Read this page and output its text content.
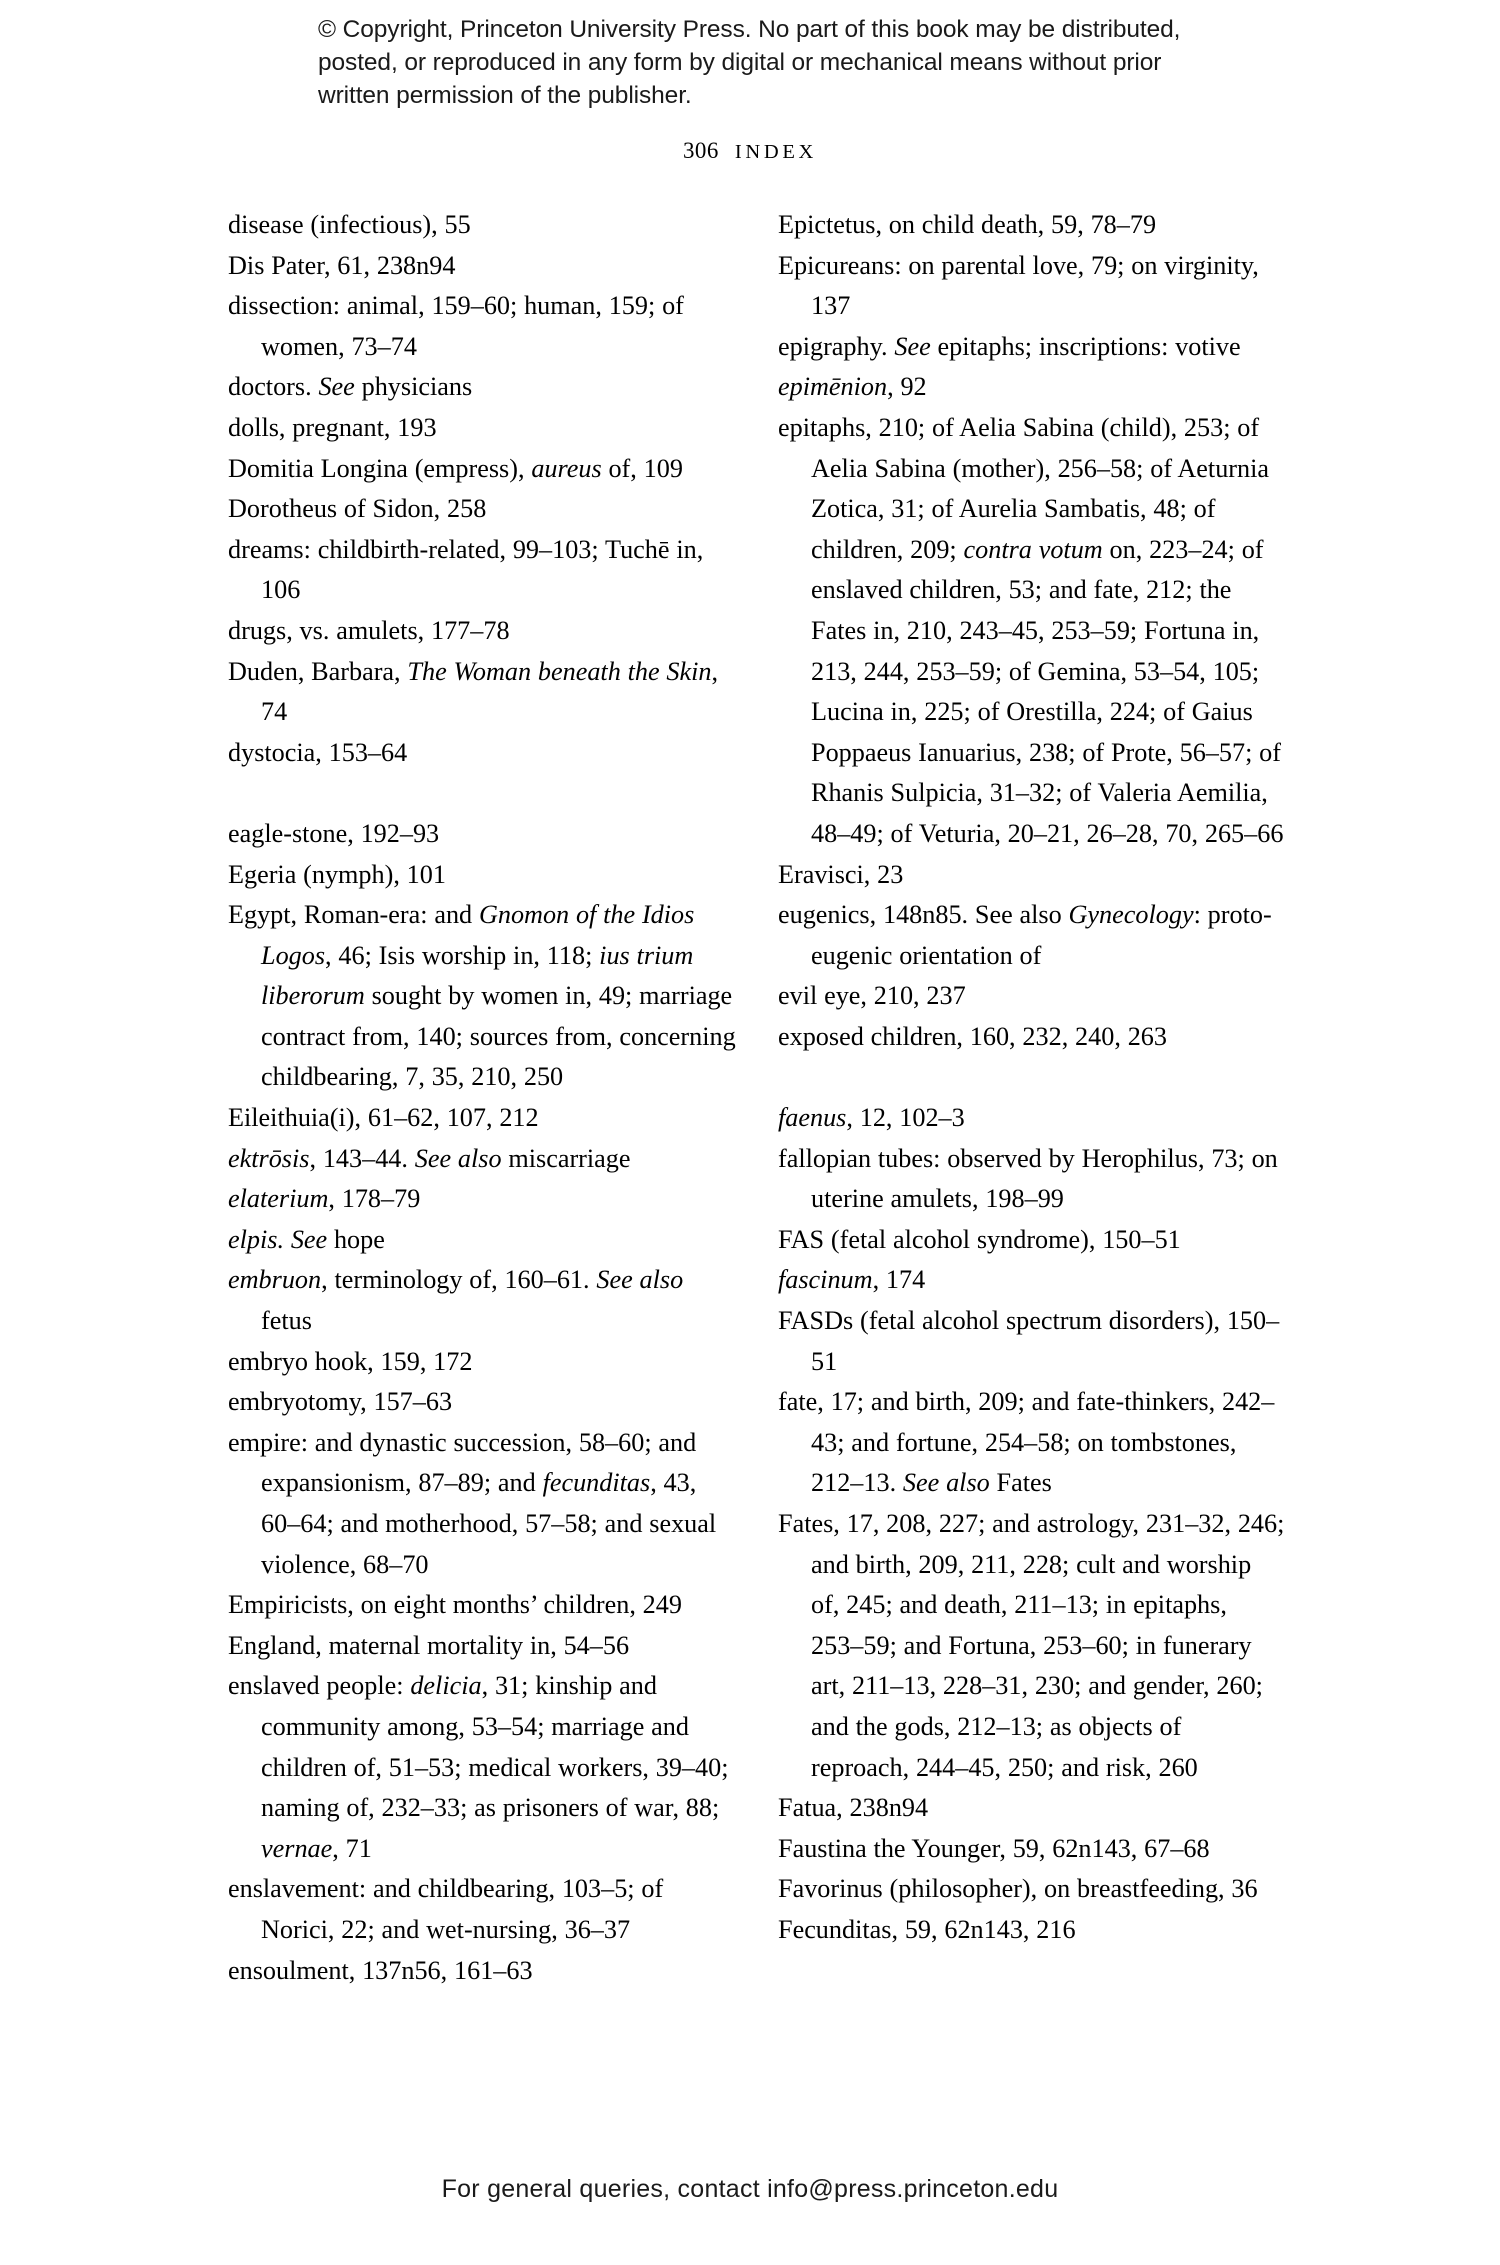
© Copyright, Princeton University Press. No part of this book may be distributed, posted, or reproduced in any form by digital or mechanical means without prior written permission of the publisher.
306 INDEX
disease (infectious), 55
Dis Pater, 61, 238n94
dissection: animal, 159–60; human, 159; of women, 73–74
doctors. See physicians
dolls, pregnant, 193
Domitia Longina (empress), aureus of, 109
Dorotheus of Sidon, 258
dreams: childbirth-related, 99–103; Tuchē in, 106
drugs, vs. amulets, 177–78
Duden, Barbara, The Woman beneath the Skin, 74
dystocia, 153–64
eagle-stone, 192–93
Egeria (nymph), 101
Egypt, Roman-era: and Gnomon of the Idios Logos, 46; Isis worship in, 118; ius trium liberorum sought by women in, 49; marriage contract from, 140; sources from, concerning childbearing, 7, 35, 210, 250
Eileithuia(i), 61–62, 107, 212
ektrōsis, 143–44. See also miscarriage
elaterium, 178–79
elpis. See hope
embruon, terminology of, 160–61. See also fetus
embryo hook, 159, 172
embryotomy, 157–63
empire: and dynastic succession, 58–60; and expansionism, 87–89; and fecunditas, 43, 60–64; and motherhood, 57–58; and sexual violence, 68–70
Empiricists, on eight months’ children, 249
England, maternal mortality in, 54–56
enslaved people: delicia, 31; kinship and community among, 53–54; marriage and children of, 51–53; medical workers, 39–40; naming of, 232–33; as prisoners of war, 88; vernae, 71
enslavement: and childbearing, 103–5; of Norici, 22; and wet-nursing, 36–37
ensoulment, 137n56, 161–63
Epictetus, on child death, 59, 78–79
Epicureans: on parental love, 79; on virginity, 137
epigraphy. See epitaphs; inscriptions: votive
epimēnion, 92
epitaphs, 210; of Aelia Sabina (child), 253; of Aelia Sabina (mother), 256–58; of Aeturnia Zotica, 31; of Aurelia Sambatis, 48; of children, 209; contra votum on, 223–24; of enslaved children, 53; and fate, 212; the Fates in, 210, 243–45, 253–59; Fortuna in, 213, 244, 253–59; of Gemina, 53–54, 105; Lucina in, 225; of Orestilla, 224; of Gaius Poppaeus Ianuarius, 238; of Prote, 56–57; of Rhanis Sulpicia, 31–32; of Valeria Aemilia, 48–49; of Veturia, 20–21, 26–28, 70, 265–66
Eravisci, 23
eugenics, 148n85. See also Gynecology: proto-eugenic orientation of
evil eye, 210, 237
exposed children, 160, 232, 240, 263
faenus, 12, 102–3
fallopian tubes: observed by Herophilus, 73; on uterine amulets, 198–99
FAS (fetal alcohol syndrome), 150–51
fascinum, 174
FASDs (fetal alcohol spectrum disorders), 150–51
fate, 17; and birth, 209; and fate-thinkers, 242–43; and fortune, 254–58; on tombstones, 212–13. See also Fates
Fates, 17, 208, 227; and astrology, 231–32, 246; and birth, 209, 211, 228; cult and worship of, 245; and death, 211–13; in epitaphs, 253–59; and Fortuna, 253–60; in funerary art, 211–13, 228–31, 230; and gender, 260; and the gods, 212–13; as objects of reproach, 244–45, 250; and risk, 260
Fatua, 238n94
Faustina the Younger, 59, 62n143, 67–68
Favorinus (philosopher), on breastfeeding, 36
Fecunditas, 59, 62n143, 216
For general queries, contact info@press.princeton.edu
